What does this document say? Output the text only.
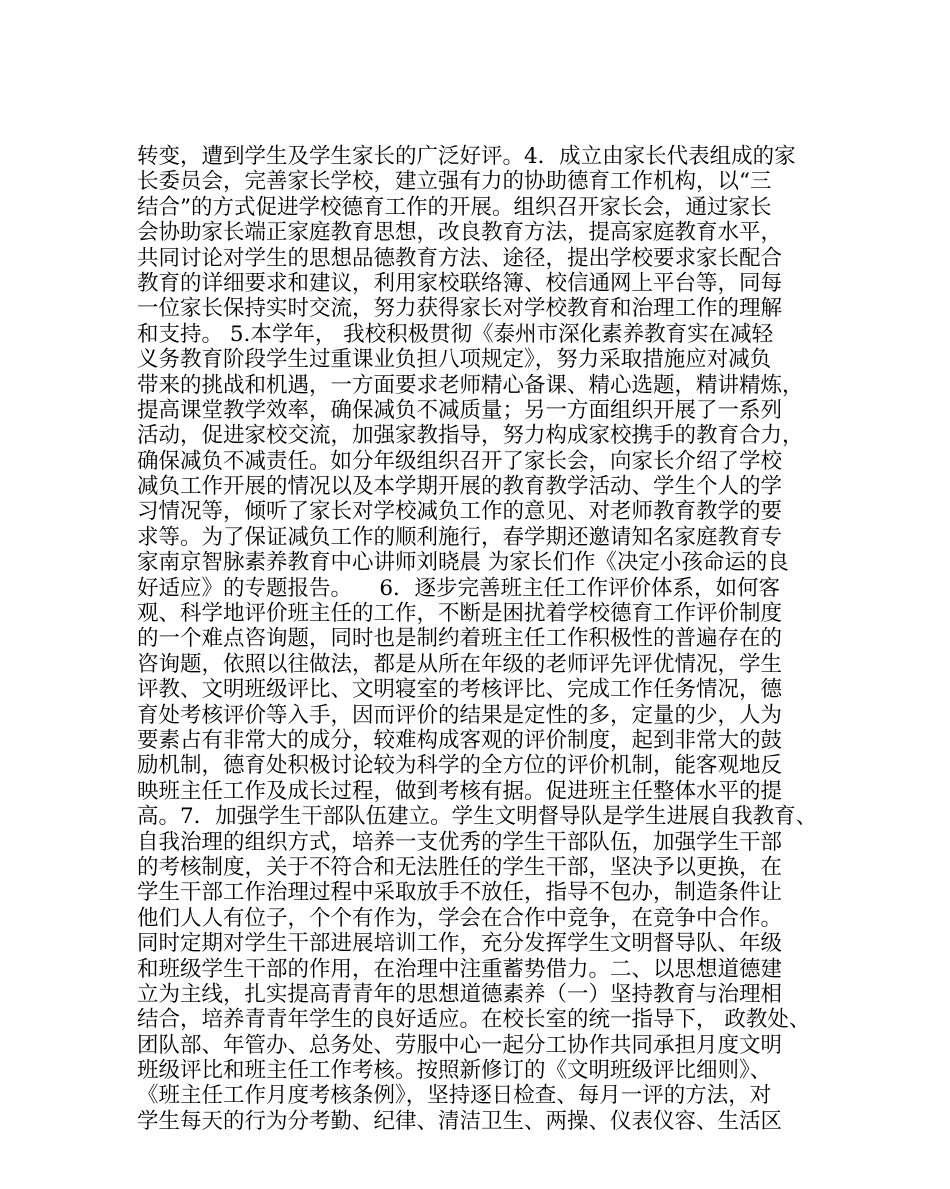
转变，遭到学生及学生家长的广泛好评。4．成立由家长代表组成的家
长委员会，完善家长学校，建立强有力的协助德育工作机构，以“三
结合”的方式促进学校德育工作的开展。组织召开家长会，通过家长
会协助家长端正家庭教育思想，改良教育方法，提高家庭教育水平，
共同讨论对学生的思想品德教育方法、途径，提出学校要求家长配合
教育的详细要求和建议，利用家校联络簿、校信通网上平台等，同每
一位家长保持实时交流，努力获得家长对学校教育和治理工作的理解
和支持。 5.本学年， 我校积极贯彻《泰州市深化素养教育实在减轻
义务教育阶段学生过重课业负担八项规定》，努力采取措施应对减负
带来的挑战和机遇，一方面要求老师精心备课、精心选题，精讲精炼，
提高课堂教学效率，确保减负不减质量；另一方面组织开展了一系列
活动，促进家校交流，加强家教指导，努力构成家校携手的教育合力，
确保减负不减责任。如分年级组织召开了家长会，向家长介绍了学校
减负工作开展的情况以及本学期开展的教育教学活动、学生个人的学
习情况等，倾听了家长对学校减负工作的意见、对老师教育教学的要
求等。为了保证减负工作的顺利施行，春学期还邀请知名家庭教育专
家南京智脉素养教育中心讲师刘晓晨 为家长们作《决定小孩命运的良
好适应》的专题报告。    6．逐步完善班主任工作评价体系，如何客
观、科学地评价班主任的工作，不断是困扰着学校德育工作评价制度
的一个难点咨询题，同时也是制约着班主任工作积极性的普遍存在的
咨询题，依照以往做法，都是从所在年级的老师评先评优情况，学生
评教、文明班级评比、文明寝室的考核评比、完成工作任务情况，德
育处考核评价等入手，因而评价的结果是定性的多，定量的少，人为
要素占有非常大的成分，较难构成客观的评价制度，起到非常大的鼓
励机制，德育处积极讨论较为科学的全方位的评价机制，能客观地反
映班主任工作及成长过程，做到考核有据。促进班主任整体水平的提
高。7．加强学生干部队伍建立。学生文明督导队是学生进展自我教育、
自我治理的组织方式，培养一支优秀的学生干部队伍，加强学生干部
的考核制度，关于不符合和无法胜任的学生干部，坚决予以更换，在
学生干部工作治理过程中采取放手不放任，指导不包办，制造条件让
他们人人有位子，个个有作为，学会在合作中竞争，在竞争中合作。
同时定期对学生干部进展培训工作，充分发挥学生文明督导队、年级
和班级学生干部的作用，在治理中注重蓄势借力。二、以思想道德建
立为主线，扎实提高青青年的思想道德素养（一）坚持教育与治理相
结合，培养青青年学生的良好适应。在校长室的统一指导下， 政教处、
团队部、年管办、总务处、劳服中心一起分工协作共同承担月度文明
班级评比和班主任工作考核。按照新修订的《文明班级评比细则》、
《班主任工作月度考核条例》，坚持逐日检查、每月一评的方法，对
学生每天的行为分考勤、纪律、清洁卫生、两操、仪表仪容、生活区
